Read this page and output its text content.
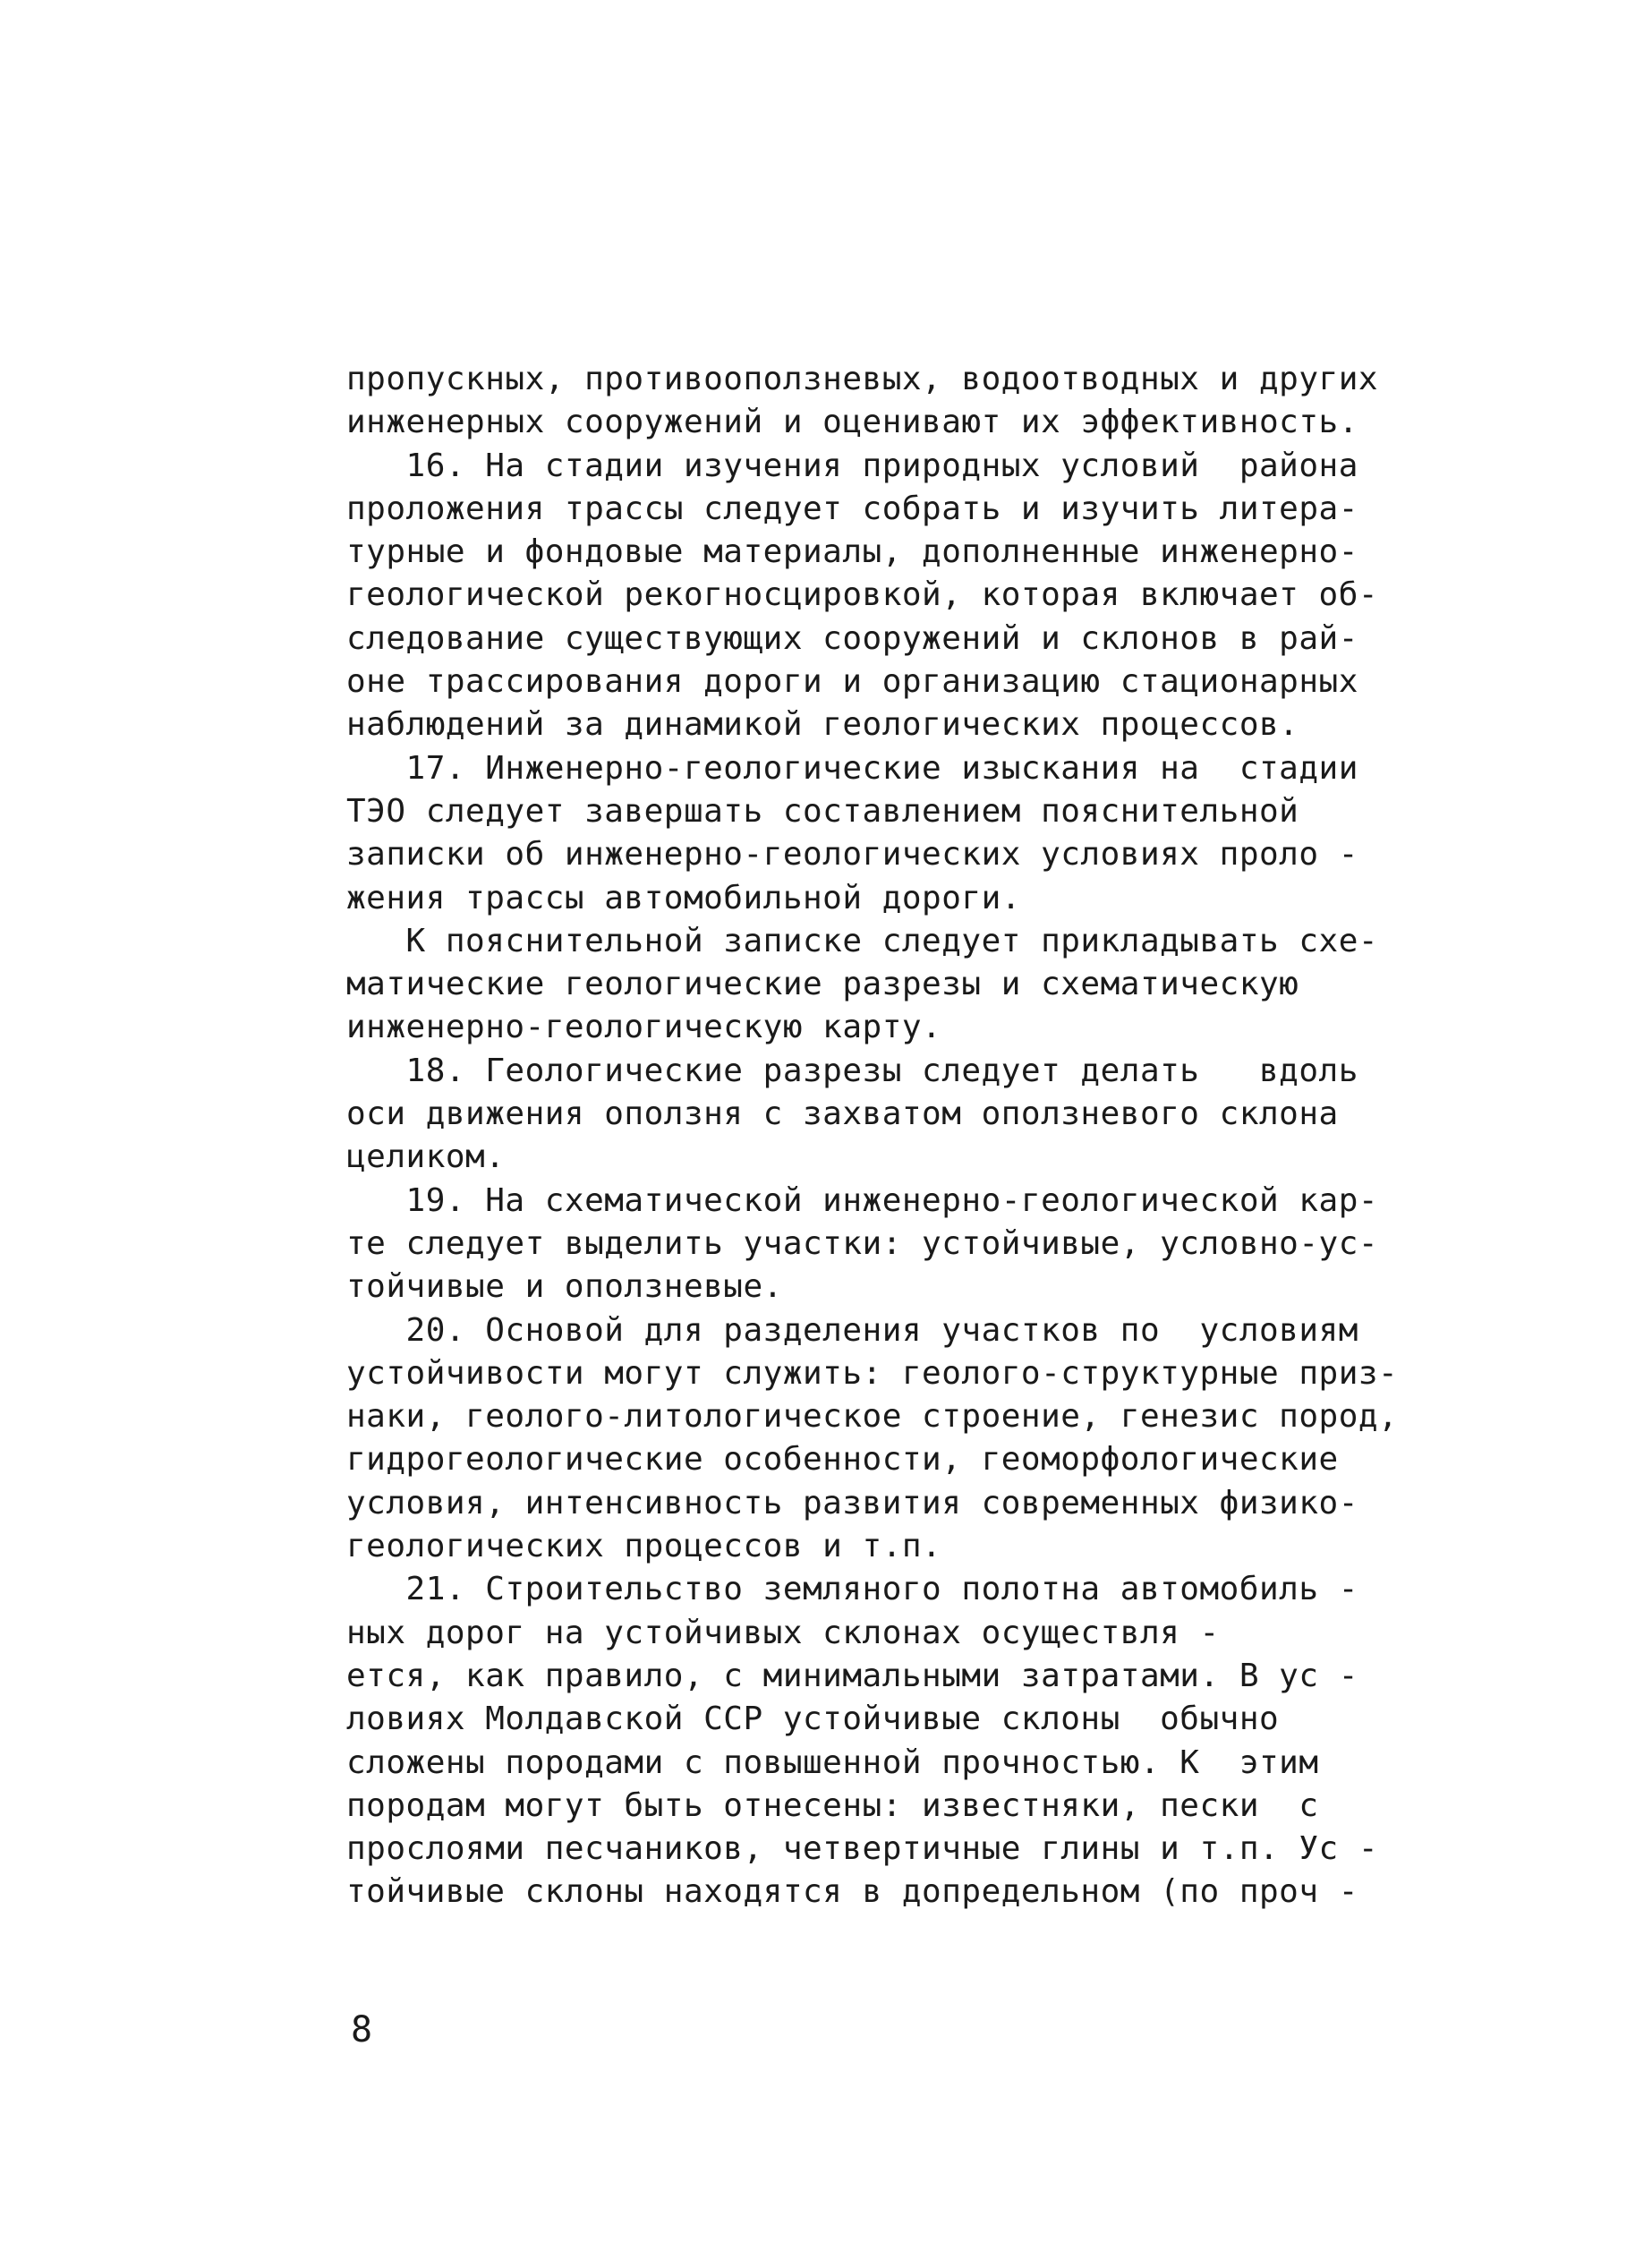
пропускных, противооползневых, водоотводных и других
инженерных сооружений и оценивают их эффективность.
16. На стадии изучения природных условий  района
проложения трассы следует собрать и изучить литера-
турные и фондовые материалы, дополненные инженерно-
геологической рекогносцировкой, которая включает об-
следование существующих сооружений и склонов в рай-
оне трассирования дороги и организацию стационарных
наблюдений за динамикой геологических процессов.
17. Инженерно-геологические изыскания на  стадии
ТЭО следует завершать составлением пояснительной
записки об инженерно-геологических условиях проло -
жения трассы автомобильной дороги.
К пояснительной записке следует прикладывать схе-
матические геологические разрезы и схематическую
инженерно-геологическую карту.
18. Геологические разрезы следует делать   вдоль
оси движения оползня с захватом оползневого склона
целиком.
19. На схематической инженерно-геологической кар-
те следует выделить участки: устойчивые, условно-ус-
тойчивые и оползневые.
20. Основой для разделения участков по  условиям
устойчивости могут служить: геолого-структурные приз-
наки, геолого-литологическое строение, генезис пород,
гидрогеологические особенности, геоморфологические
условия, интенсивность развития современных физико-
геологических процессов и т.п.
21. Строительство земляного полотна автомобиль -
ных дорог на устойчивых склонах осуществля -
ется, как правило, с минимальными затратами. В ус -
ловиях Молдавской ССР устойчивые склоны  обычно
сложены породами с повышенной прочностью. К  этим
породам могут быть отнесены: известняки, пески  с
прослоями песчаников, четвертичные глины и т.п. Ус -
тойчивые склоны находятся в допредельном (по проч -
8
